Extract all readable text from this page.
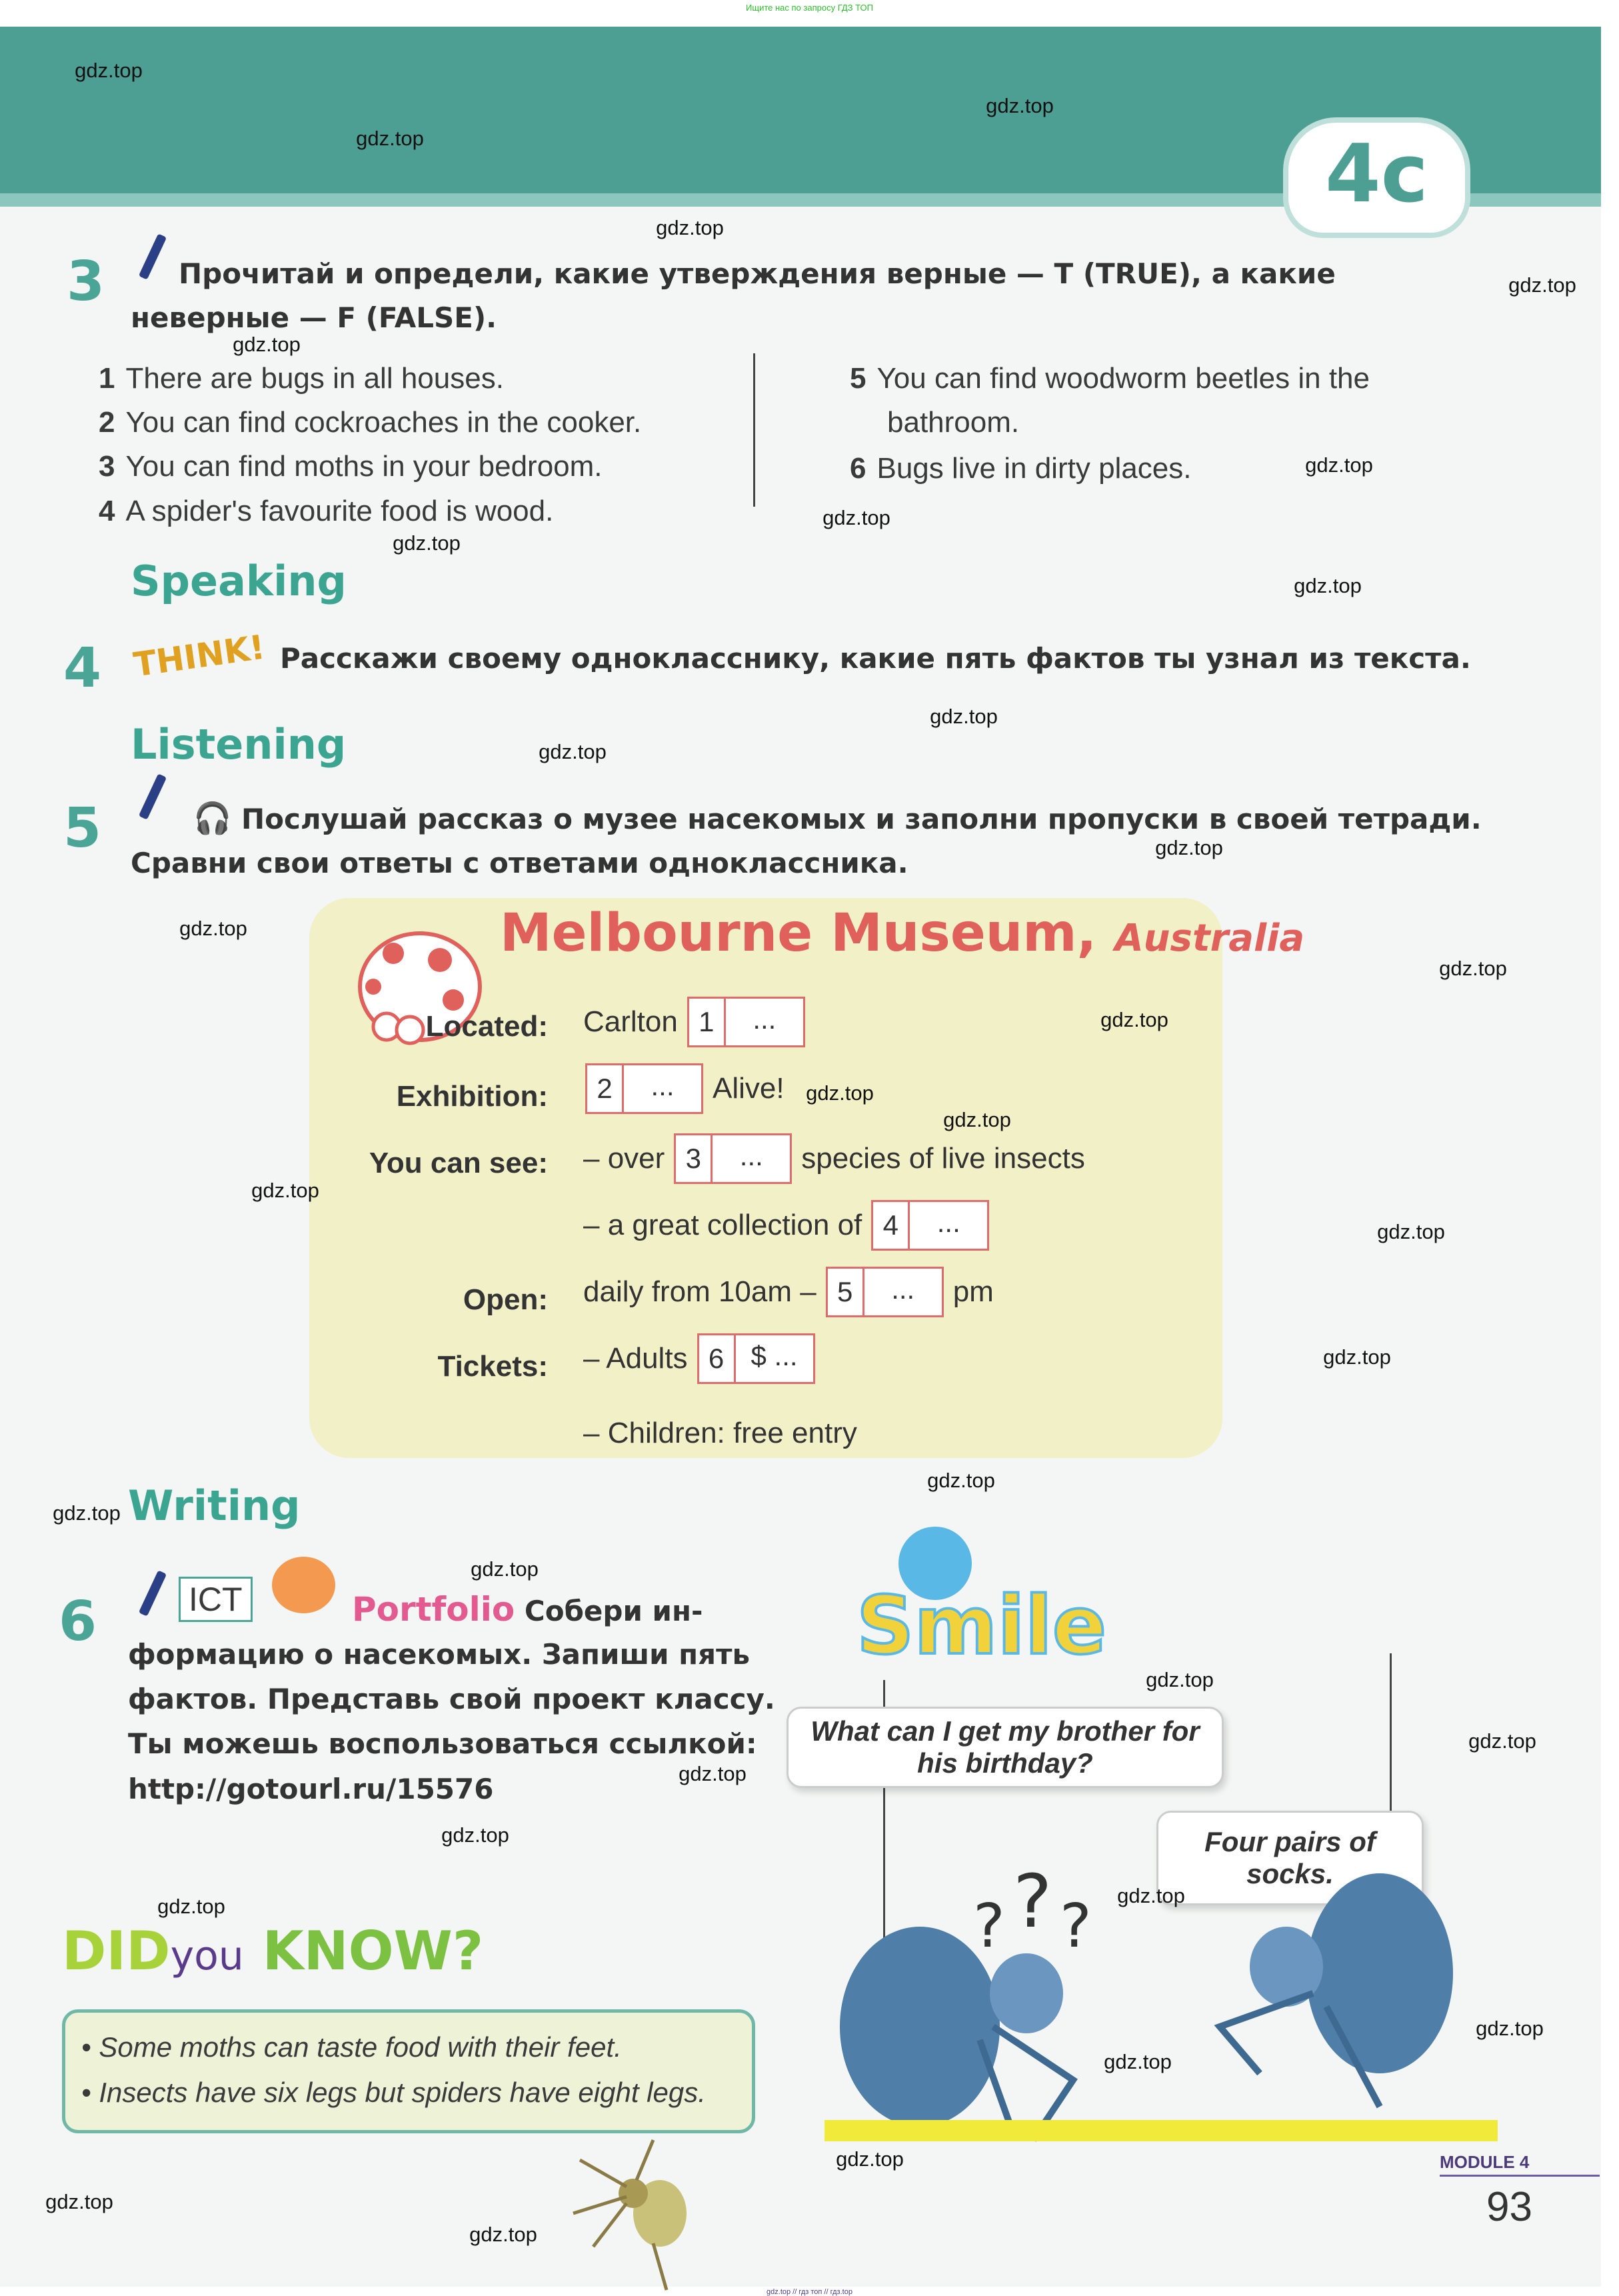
Ищите нас по запросу ГДЗ ТОП
4c
3	Прочитай и определи, какие утверждения верные — T (TRUE), а какие
неверные — F (FALSE).
1 There are bugs in all houses.
2 You can find cockroaches in the cooker.
3 You can find moths in your bedroom.
4 A spider's favourite food is wood.
5 You can find woodworm beetles in the
bathroom.
6 Bugs live in dirty places.
Speaking
4 THINK! Расскажи своему однокласснику, какие пять фактов ты узнал из текста.
Listening
5	🎧 Послушай рассказ о музее насекомых и заполни пропуски в своей тетради.
Сравни свои ответы с ответами одноклассника.
Melbourne Museum, Australia
Located: Carlton 1	...
Exhibition:	2	...	Alive!
You can see: – over 3	...	species of live insects
– a great collection of 4	...
Open: daily from 10am – 5	...	pm
Tickets: – Adults 6 $ ...
– Children: free entry
Writing
6	ICT	Portfolio Собери ин-
формацию о насекомых. Запиши пять
фактов. Представь свой проект классу.
Ты можешь воспользоваться ссылкой:
http://gotourl.ru/15576
DIDyou KNOW?
• Some moths can taste food with their feet.
• Insects have six legs but spiders have eight legs.
Smile
What can I get my brother for his birthday?
Four pairs of socks.
? ? ?
MODULE 4
93
gdz.top // гдз топ // гдз.top
gdz.top
gdz.top
gdz.top
gdz.top
gdz.top
gdz.top
gdz.top
gdz.top
gdz.top
gdz.top
gdz.top
gdz.top
gdz.top
gdz.top
gdz.top
gdz.top
gdz.top
gdz.top
gdz.top
gdz.top
gdz.top
gdz.top
gdz.top
gdz.top
gdz.top
gdz.top
gdz.top
gdz.top
gdz.top	gdz.top
gdz.top
gdz.top
gdz.top
gdz.top
gdz.top
